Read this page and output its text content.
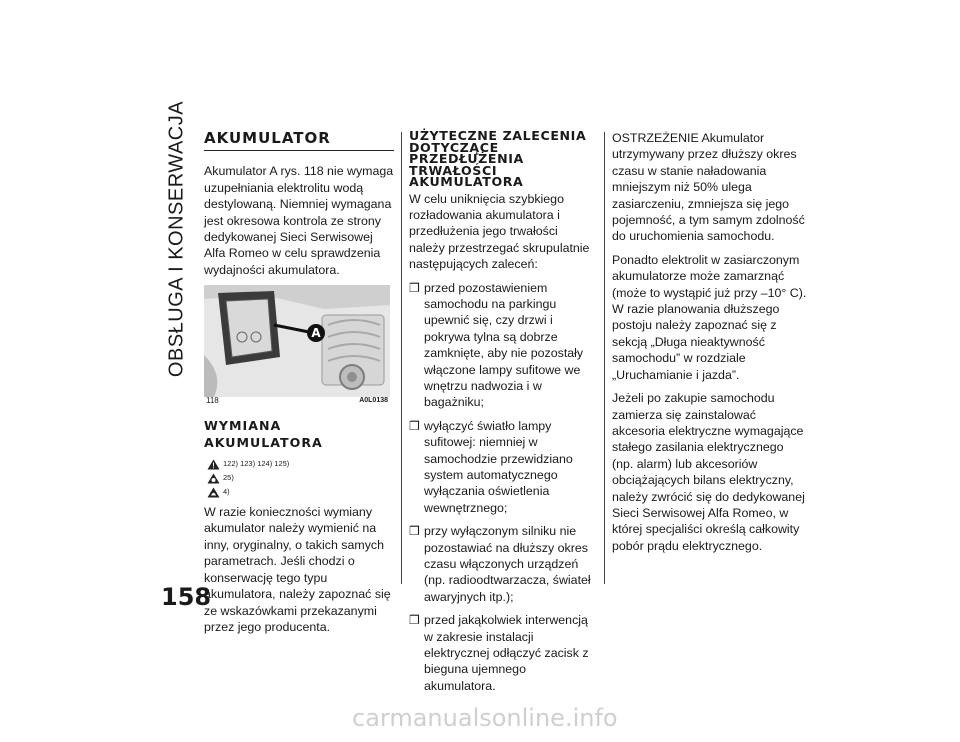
OBSŁUGA I KONSERWACJA AKUMULATOR

Akumulator A rys. 118 nie wymaga uzupełniania elektrolitu wodą destylowaną. Niemniej wymagana jest okresowa kontrola ze strony dedykowanej Sieci Serwisowej Alfa Romeo w celu sprawdzenia wydajności akumulatora.

A
118	A0L0138
WYMIANA AKUMULATORA
122) 123) 124) 125)
25)
4)

W razie konieczności wymiany akumulator należy wymienić na inny, oryginalny, o takich samych parametrach. Jeśli chodzi o konserwację tego typu akumulatora, należy zapoznać się ze wskazówkami przekazanymi przez jego producenta.

UŻYTECZNE ZALECENIA
DOTYCZĄCE
PRZEDŁUŻENIA
TRWAŁOŚCI
AKUMULATORA

W celu uniknięcia szybkiego rozładowania akumulatora i przedłużenia jego trwałości należy przestrzegać skrupulatnie następujących zaleceń:

❒ przed pozostawieniem samochodu na parkingu upewnić się, czy drzwi i pokrywa tylna są dobrze zamknięte, aby nie pozostały włączone lampy sufitowe we wnętrzu nadwozia i w bagażniku;
❒ wyłączyć światło lampy sufitowej: niemniej w samochodzie przewidziano system automatycznego wyłączania oświetlenia wewnętrznego;
❒ przy wyłączonym silniku nie pozostawiać na dłuższy okres czasu włączonych urządzeń (np. radioodtwarzacza, świateł awaryjnych itp.);
❒ przed jakąkolwiek interwencją w zakresie instalacji elektrycznej odłączyć zacisk z bieguna ujemnego akumulatora.

OSTRZEŻENIE Akumulator utrzymywany przez dłuższy okres czasu w stanie naładowania mniejszym niż 50% ulega zasiarczeniu, zmniejsza się jego pojemność, a tym samym zdolność do uruchomienia samochodu.

Ponadto elektrolit w zasiarczonym akumulatorze może zamarznąć (może to wystąpić już przy –10° C). W razie planowania dłuższego postoju należy zapoznać się z sekcją „Długa nieaktywność samochodu” w rozdziale „Uruchamianie i jazda”.

Jeżeli po zakupie samochodu zamierza się zainstalować akcesoria elektryczne wymagające stałego zasilania elektrycznego (np. alarm) lub akcesoriów obciążających bilans elektryczny, należy zwrócić się do dedykowanej Sieci Serwisowej Alfa Romeo, w której specjaliści określą całkowity pobór prądu elektrycznego.

158
carmanualsonline.info
